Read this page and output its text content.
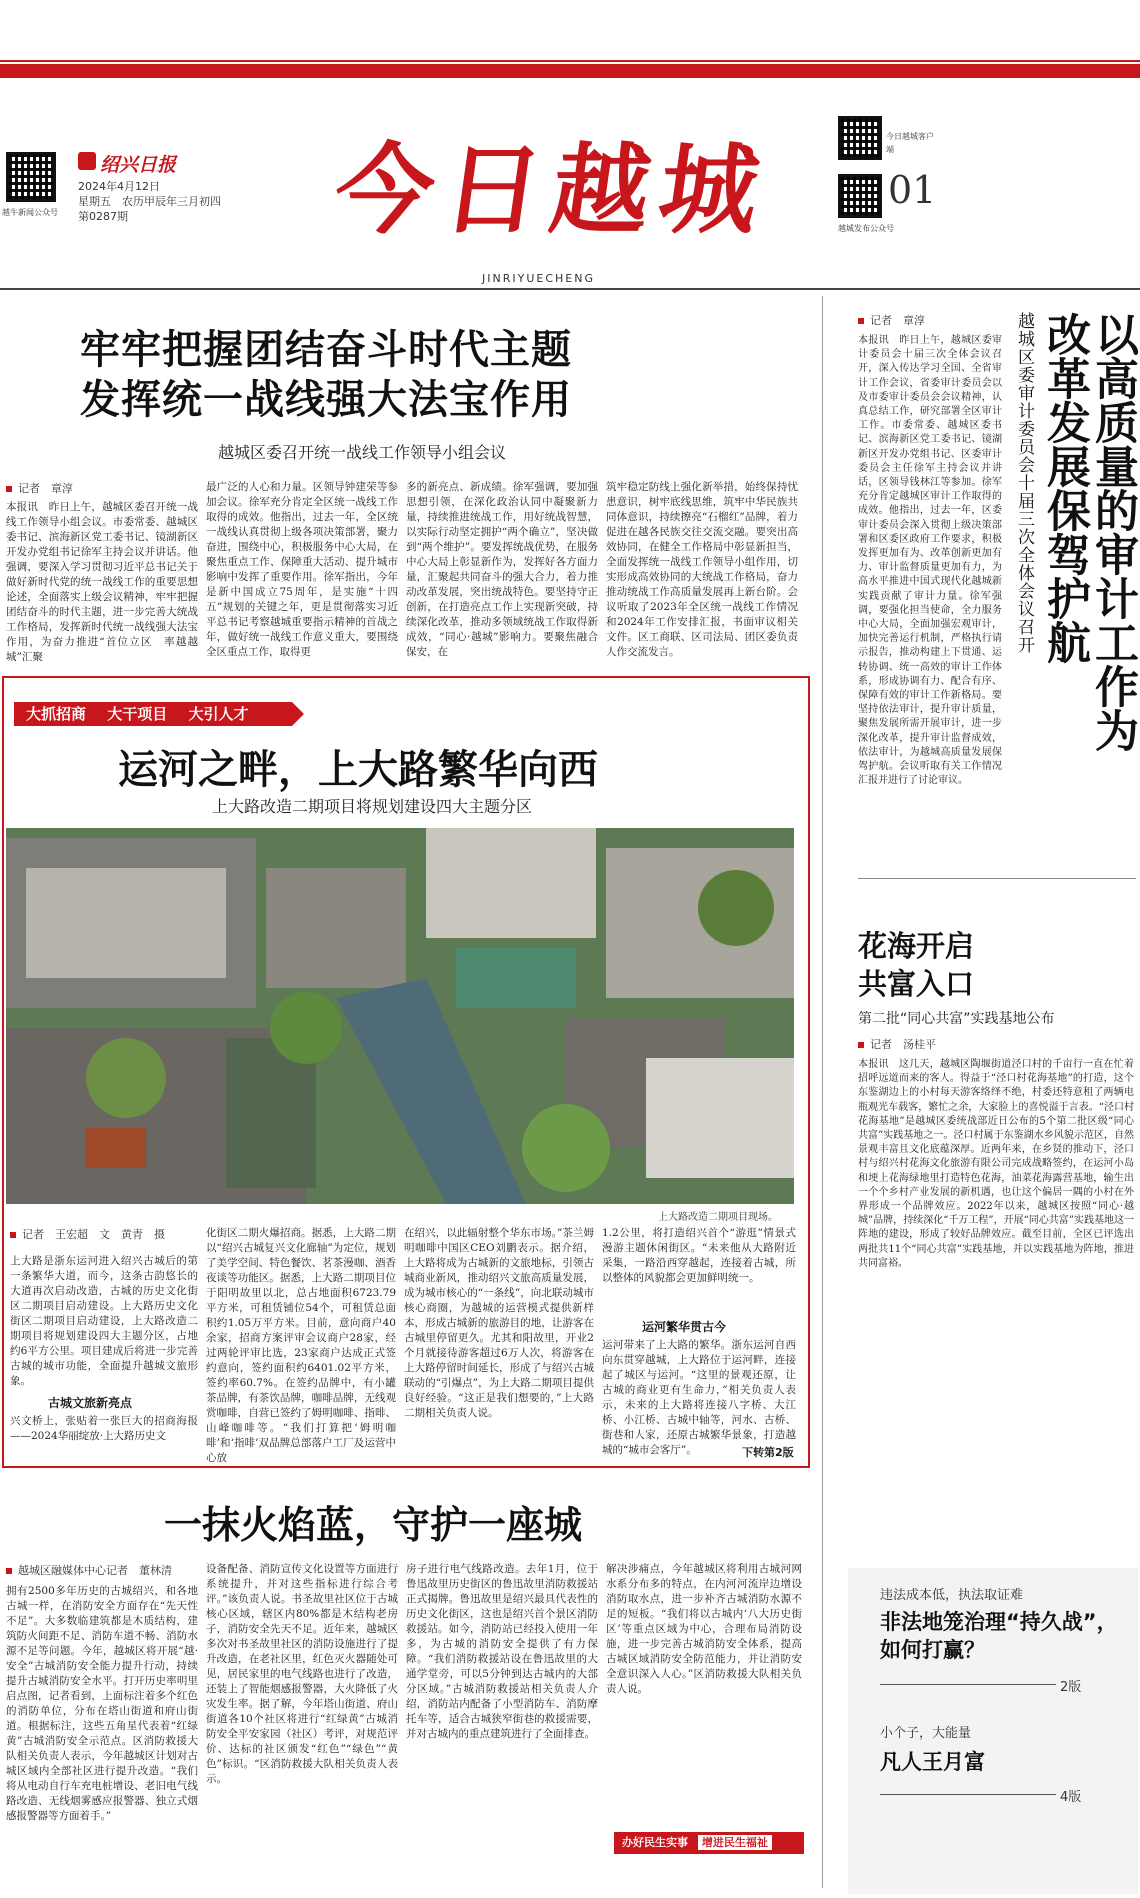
越牛新闻公众号
绍兴日报
2024年4月12日
星期五　农历甲辰年三月初四
第0287期 今日越城
JINRIYUECHENG
今日越城客户端
越城发布公众号
01
牢牢把握团结奋斗时代主题
发挥统一战线强大法宝作用
越城区委召开统一战线工作领导小组会议
记者　章淳
本报讯　昨日上午，越城区委召开统一战线工作领导小组会议。市委常委、越城区委书记、滨海新区党工委书记、镜湖新区开发办党组书记徐军主持会议并讲话。他强调，要深入学习贯彻习近平总书记关于做好新时代党的统一战线工作的重要思想论述，全面落实上级会议精神，牢牢把握团结奋斗的时代主题，进一步完善大统战工作格局，发挥新时代统一战线强大法宝作用，为奋力推进“首位立区　率越越城”汇聚
最广泛的人心和力量。区领导钟建荣等参加会议。徐军充分肯定全区统一战线工作取得的成效。他指出，过去一年，全区统一战线认真贯彻上级各项决策部署，聚力奋进，围绕中心，积极服务中心大局，在聚焦重点工作、保障重大活动、提升城市影响中发挥了重要作用。徐军指出，今年是新中国成立75周年，是实施“十四五”规划的关键之年，更是贯彻落实习近平总书记考察越城重要指示精神的首战之年，做好统一战线工作意义重大，要围绕全区重点工作，取得更
多的新亮点、新成绩。徐军强调，要加强思想引领，在深化政治认同中凝聚新力量，持续推进统战工作，用好统战智慧，以实际行动坚定拥护“两个确立”，坚决做到“两个维护”。要发挥统战优势，在服务中心大局上彰显新作为，发挥好各方面力量，汇聚起共同奋斗的强大合力，着力推动改革发展，突出统战特色。要坚持守正创新，在打造亮点工作上实现新突破，持续深化改革，推动多领域统战工作取得新成效，“同心·越城”影响力。要聚焦融合保安，在
筑牢稳定防线上强化新举措，始终保持忧患意识，树牢底线思维，筑牢中华民族共同体意识，持续擦亮“石榴红”品牌，着力促进在越各民族交往交流交融。要突出高效协同，在健全工作格局中彰显新担当，全面发挥统一战线工作领导小组作用，切实形成高效协同的大统战工作格局，奋力推动统战工作高质量发展再上新台阶。会议听取了2023年全区统一战线工作情况和2024年工作安排汇报，书面审议相关文件。区工商联、区司法局、团区委负责人作交流发言。
大抓招商 大干项目 大引人才
运河之畔，上大路繁华向西
上大路改造二期项目将规划建设四大主题分区
上大路改造二期项目现场。
记者　王宏超　文　黄青　摄
上大路是浙东运河进入绍兴古城后的第一条繁华大道，而今，这条古韵悠长的大道再次启动改造，古城的历史文化街区二期项目启动建设。上大路历史文化街区二期项目启动建设，上大路改造二期项目将规划建设四大主题分区，占地约6平方公里。项目建成后将进一步完善古城的城市功能，全面提升越城文旅形象。
古城文旅新亮点
兴文桥上，张贴着一张巨大的招商海报——2024华丽绽放·上大路历史文
化街区二期火爆招商。据悉，上大路二期以“绍兴古城复兴文化廊轴”为定位，规划了美学空间、特色餐饮、茗茶漫咖、酒香夜谈等功能区。据悉，上大路二期项目位于阳明故里以北，总占地面积6723.79平方米，可租赁铺位54个，可租赁总面积约1.05万平方米。目前，意向商户40余家，招商方案评审会议商户28家，经过两轮评审比选，23家商户达成正式签约意向，签约面积约6401.02平方米，签约率60.7%。在签约品牌中，有小罐茶品牌，有茶饮品牌，咖啡品牌，无线观赏咖啡，自营已签约了姆明咖啡、指啡、山峰咖啡等。“我们打算把‘姆明咖啡’和‘指啡’双品牌总部落户工厂及运营中心放
在绍兴，以此辐射整个华东市场。”茶兰姆明咖啡中国区CEO刘鹏表示。据介绍，上大路将成为古城新的文旅地标，引领古城商业新风，推动绍兴文旅高质量发展，成为城市核心的“一条线”，向北联动城市核心商圈，为越城的运营模式提供新样本，形成古城新的旅游目的地，让游客在古城里停留更久。尤其和阳故里，开业2个月就接待游客超过6万人次，将游客在上大路停留时间延长，形成了与绍兴古城联动的“引爆点”，为上大路二期项目提供良好经验。“这正是我们想要的，”上大路二期相关负责人说。
1.2公里，将打造绍兴首个“游逛”情景式漫游主题休闲街区。“未来他从大路附近采集，一路沿西穿越起，连接着古城，所以整体的风貌都会更加鲜明统一。
运河繁华贯古今
运河带来了上大路的繁华。浙东运河自西向东贯穿越城，上大路位于运河畔，连接起了城区与运河。“这里的景观还原，让古城的商业更有生命力，”相关负责人表示，未来的上大路将连接八字桥、大江桥、小江桥、古城中轴等，河水、古桥、街巷和人家，还原古城繁华景象，打造越城的“城市会客厅”。	下转第2版
一抹火焰蓝，守护一座城
越城区融媒体中心记者　董林清
拥有2500多年历史的古城绍兴，和各地古城一样，在消防安全方面存在“先天性不足”。大多数临建筑都是木质结构，建筑防火间距不足、消防车道不畅、消防水源不足等问题。今年，越城区将开展“越·安全”古城消防安全能力提升行动，持续提升古城消防安全水平。打开历史率明里启点图，记者看到，上面标注着多个红色的消防单位，分布在塔山街道和府山街道。根据标注，这些五角星代表着“红绿黄”古城消防安全示范点。区消防救援大队相关负责人表示，今年越城区计划对古城区域内全部社区进行提升改造。“我们将从电动自行车充电桩增设、老旧电气线路改造、无线烟雾感应报警器、独立式烟感报警器等方面着手。”
设备配备、消防宣传文化设置等方面进行系统提升，并对这些指标进行综合考评。”该负责人说。书圣故里社区位于古城核心区域，辖区内80%都是木结构老房子，消防安全先天不足。近年来，越城区多次对书圣故里社区的消防设施进行了提升改造，在老社区里，红色灭火器随处可见，居民家里的电气线路也进行了改造，还装上了智能烟感报警器，大火降低了火灾发生率。据了解，今年塔山街道、府山街道各10个社区将进行“红绿黄”古城消防安全平安家园（社区）考评，对规范评价、达标的社区颁发“红色”“绿色”“黄色”标识。“区消防救援大队相关负责人表示。
房子进行电气线路改造。去年1月，位于鲁迅故里历史街区的鲁迅故里消防救援站正式揭牌。鲁迅故里是绍兴最具代表性的历史文化街区，这也是绍兴首个景区消防救援站。如今，消防站已经投入使用一年多，为古城的消防安全提供了有力保障。“我们消防救援站设在鲁迅故里的大通学堂旁，可以5分钟到达古城内的大部分区域。”古城消防救援站相关负责人介绍，消防站内配备了小型消防车、消防摩托车等，适合古城狭窄街巷的救援需要，并对古城内的重点建筑进行了全面排查。
解决涉痛点，今年越城区将利用古城河网水系分布多的特点，在内河河流岸边增设消防取水点，进一步补齐古城消防水源不足的短板。“我们将以古城内‘八大历史街区’等重点区域为中心，合理布局消防设施，进一步完善古城消防安全体系，提高古城区域消防安全防范能力，并让消防安全意识深入人心。”区消防救援大队相关负责人说。
办好民生实事 增进民生福祉
记者　章淳
本报讯　昨日上午，越城区委审计委员会十届三次全体会议召开，深入传达学习全国、全省审计工作会议，省委审计委员会以及市委审计委员会会议精神，认真总结工作，研究部署全区审计工作。市委常委、越城区委书记、滨海新区党工委书记、镜湖新区开发办党组书记、区委审计委员会主任徐军主持会议并讲话，区领导钱林江等参加。徐军充分肯定越城区审计工作取得的成效。他指出，过去一年，区委审计委员会深入贯彻上级决策部署和区委区政府工作要求，积极发挥更加有为、改革创新更加有力、审计监督质量更加有力，为高水平推进中国式现代化越城新实践贡献了审计力量。徐军强调，要强化担当使命，全力服务中心大局，全面加强宏观审计，加快完善运行机制，严格执行请示报告，推动构建上下贯通、运转协调、统一高效的审计工作体系，形成协调有力、配合有序、保障有效的审计工作新格局。要坚持依法审计，提升审计质量，聚焦发展所需开展审计，进一步深化改革，提升审计监督成效，依法审计，为越城高质量发展保驾护航。会议听取有关工作情况汇报并进行了讨论审议。
越城区委审计委员会十届三次全体会议召开	以高质量的审计工作为改革发展保驾护航
花海开启
共富入口
第二批“同心共富”实践基地公布
记者　汤桂平
本报讯　这几天，越城区陶堰街道泾口村的千亩行一直在忙着招呼远道而来的客人。得益于“泾口村花海基地”的打造，这个东鉴湖边上的小村每天游客络绎不绝，村委还特意租了两辆电瓶观光车载客，繁忙之余，大家脸上的喜悦溢于言表。“泾口村花海基地”是越城区委统战部近日公布的5个第二批区级“同心共富”实践基地之一。泾口村属于东鉴湖水乡风貌示范区，自然景观丰富且文化底蕴深厚。近两年来，在乡贤的推动下，泾口村与绍兴村花海文化旅游有限公司完成战略签约，在运河小岛和埂上花海绿地里打造特色花海，油菜花海露营基地，输生出一个个乡村产业发展的新机遇，也让这个偏居一隅的小村在外界形成一个品牌效应。2022年以来，越城区按照“同心·越城”品牌，持续深化“千万工程”，开展“同心共富”实践基地这一阵地的建设，形成了较好品牌效应。截至目前，全区已评选出两批共11个“同心共富”实践基地，并以实践基地为阵地，推进共同富裕。
违法成本低，执法取证难
非法地笼治理“持久战”，如何打赢？
2版
小个子，大能量
凡人王月富
4版
